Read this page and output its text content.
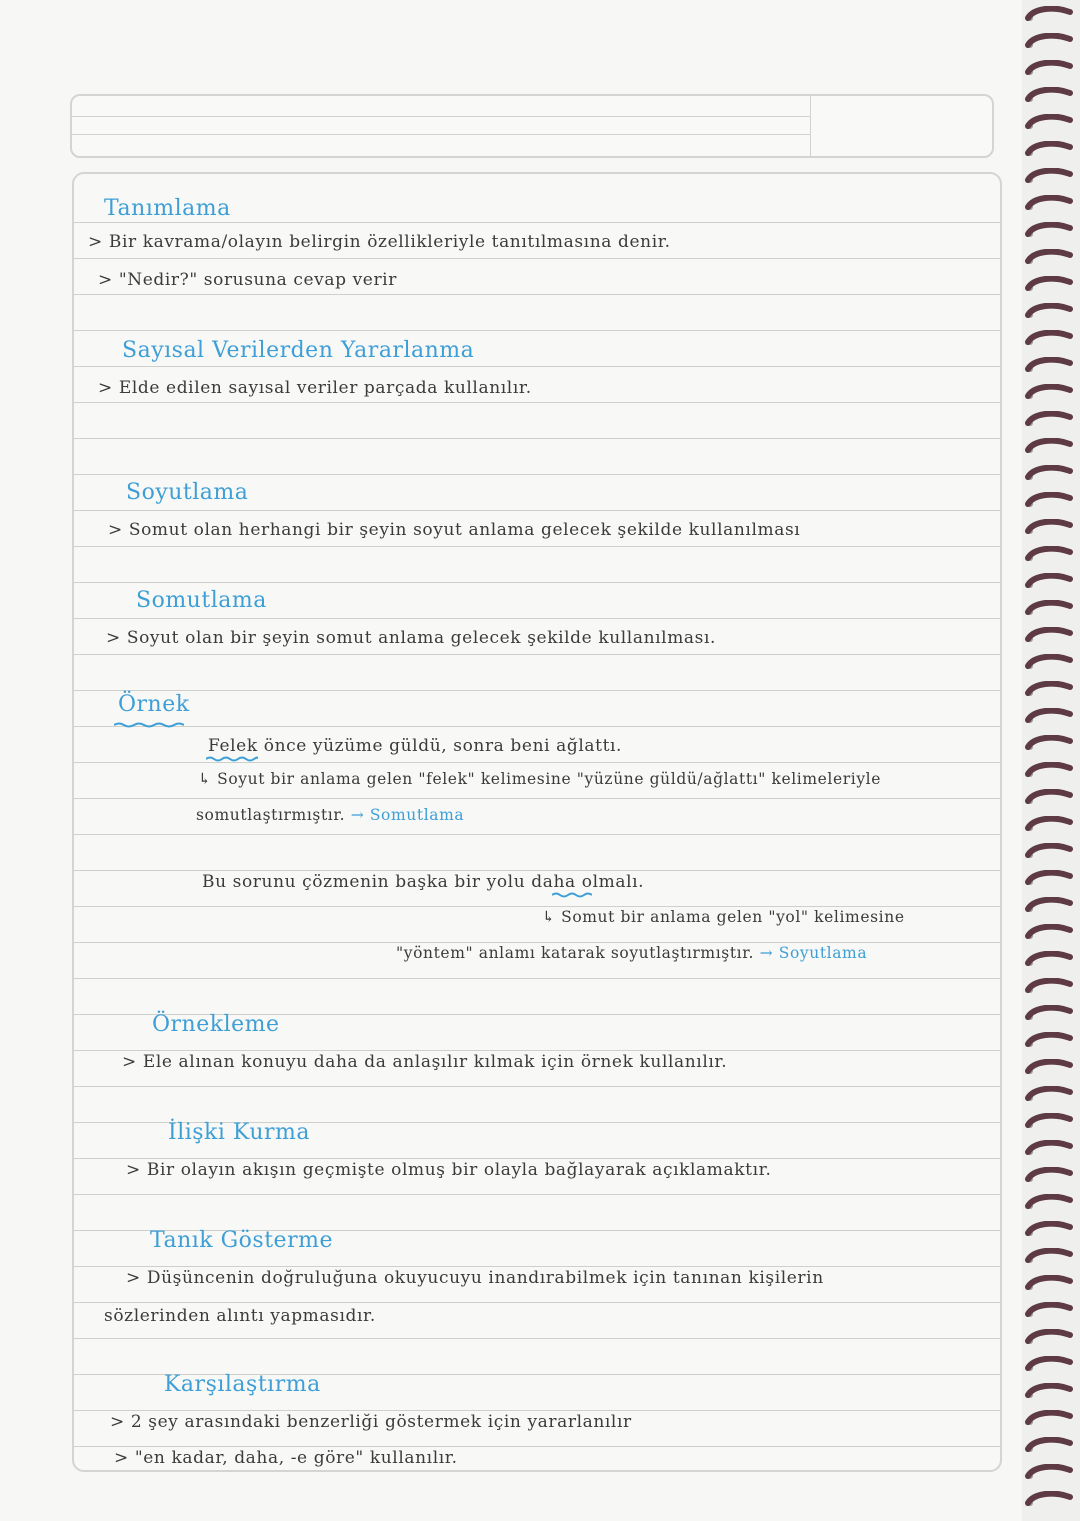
Tanımlama
> Bir kavrama/olayın belirgin özellikleriyle tanıtılmasına denir.
> "Nedir?" sorusuna cevap verir
Sayısal Verilerden Yararlanma
> Elde edilen sayısal veriler parçada kullanılır.
Soyutlama
> Somut olan herhangi bir şeyin soyut anlama gelecek şekilde kullanılması
Somutlama
> Soyut olan bir şeyin somut anlama gelecek şekilde kullanılması.
Örnek
Felek önce yüzüme güldü, sonra beni ağlattı.
↳ Soyut bir anlama gelen "felek" kelimesine "yüzüne güldü/ağlattı" kelimeleriyle
somutlaştırmıştır. → Somutlama
Bu sorunu çözmenin başka bir yolu daha olmalı.
↳ Somut bir anlama gelen "yol" kelimesine
"yöntem" anlamı katarak soyutlaştırmıştır. → Soyutlama
Örnekleme
> Ele alınan konuyu daha da anlaşılır kılmak için örnek kullanılır.
İlişki Kurma
> Bir olayın akışın geçmişte olmuş bir olayla bağlayarak açıklamaktır.
Tanık Gösterme
> Düşüncenin doğruluğuna okuyucuyu inandırabilmek için tanınan kişilerin
sözlerinden alıntı yapmasıdır.
Karşılaştırma
> 2 şey arasındaki benzerliği göstermek için yararlanılır
> "en kadar, daha, -e göre" kullanılır.
